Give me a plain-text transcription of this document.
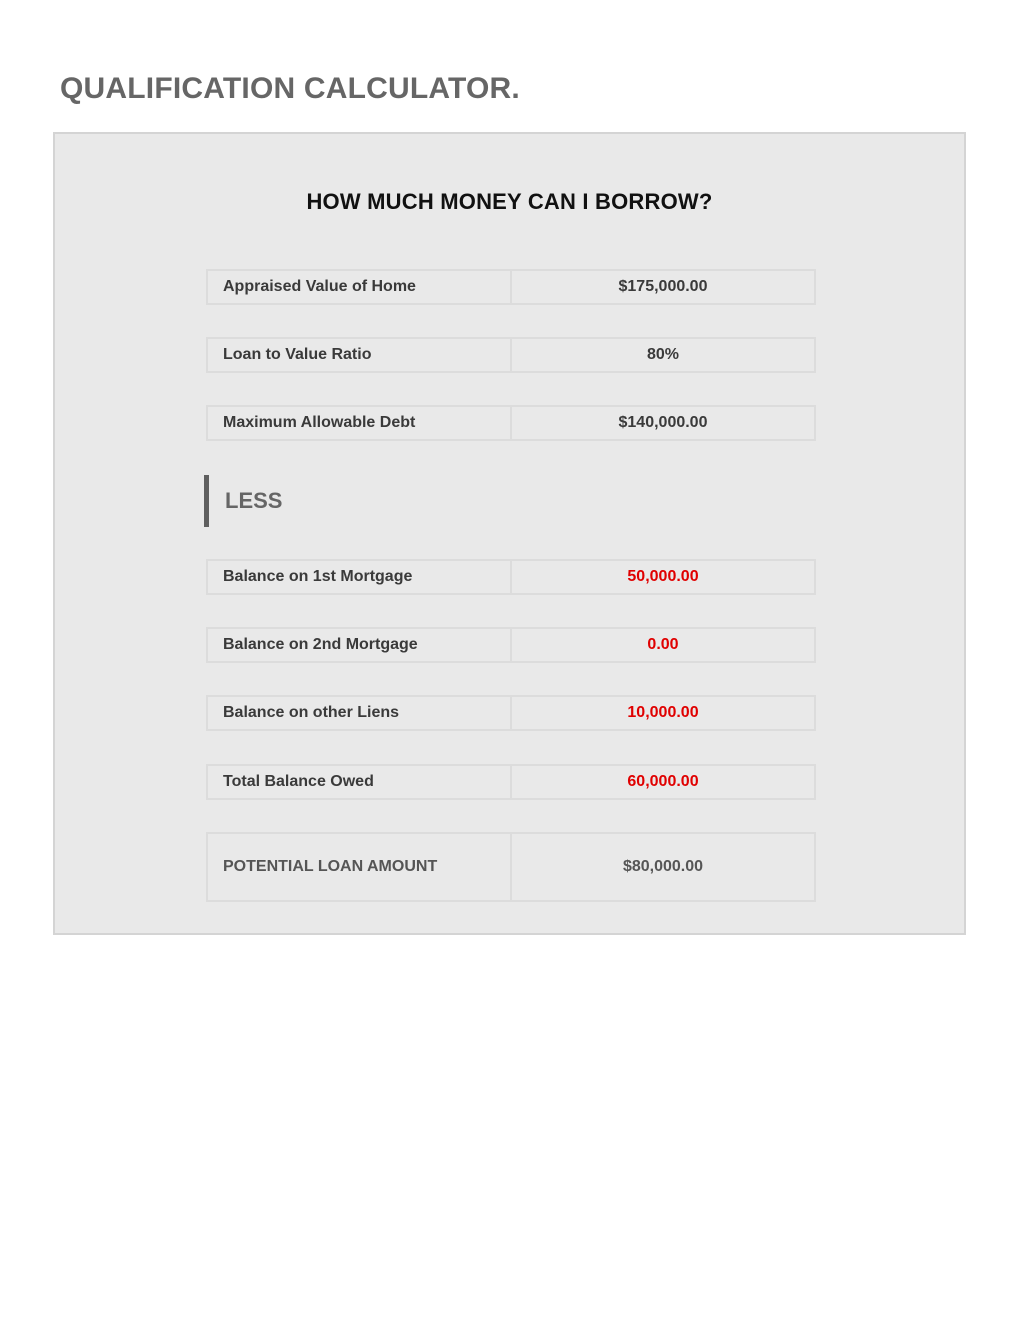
QUALIFICATION CALCULATOR.
HOW MUCH MONEY CAN I BORROW?
Appraised Value of Home	$175,000.00
Loan to Value Ratio	80%
Maximum Allowable Debt	$140,000.00
LESS
Balance on 1st Mortgage	50,000.00
Balance on 2nd Mortgage	0.00
Balance on other Liens	10,000.00
Total Balance Owed	60,000.00
POTENTIAL LOAN AMOUNT	$80,000.00
